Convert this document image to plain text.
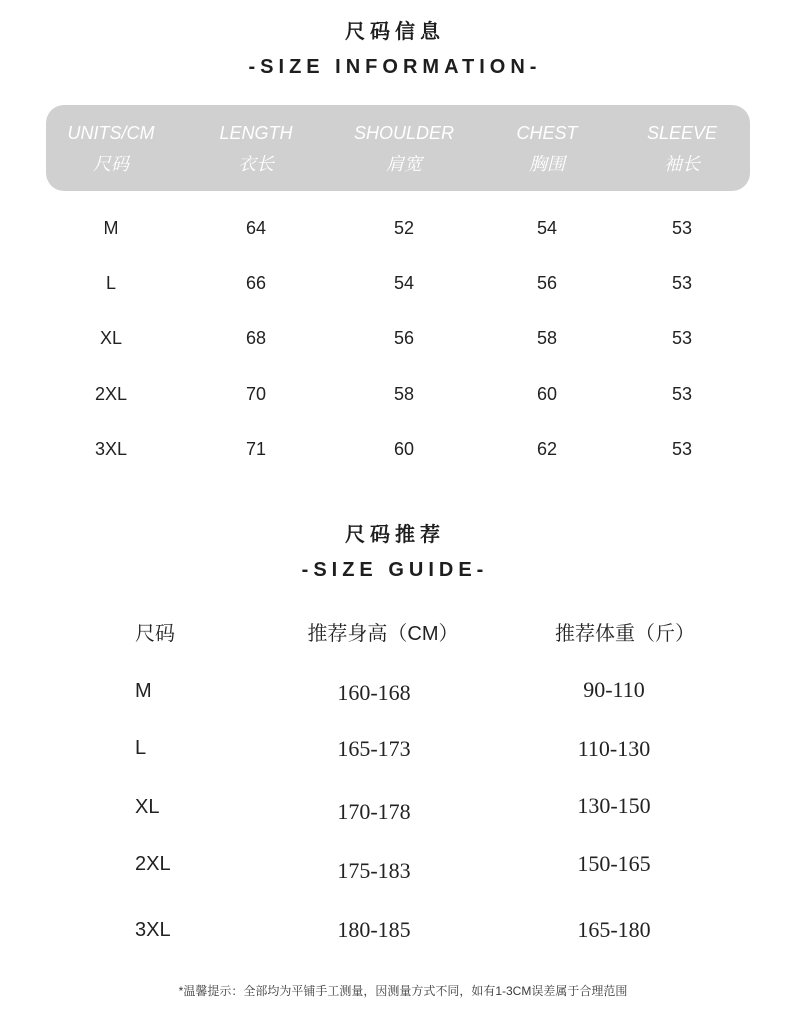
尺码信息
-SIZE INFORMATION-
UNITS/CM	LENGTH	SHOULDER	CHEST	SLEEVE
尺码	衣长	肩宽	胸围	袖长
M	64	52	54	53
L	66	54	56	53
XL	68	56	58	53
2XL	70	58	60	53
3XL	71	60	62	53
尺码推荐
-SIZE GUIDE-
尺码	推荐身高（CM）	推荐体重（斤）
M	160-168	90-110
L	165-173	110-130
XL	170-178	130-150
2XL	175-183	150-165
3XL	180-185	165-180
*温馨提示：全部均为平铺手工测量，因测量方式不同，如有1-3CM误差属于合理范围
